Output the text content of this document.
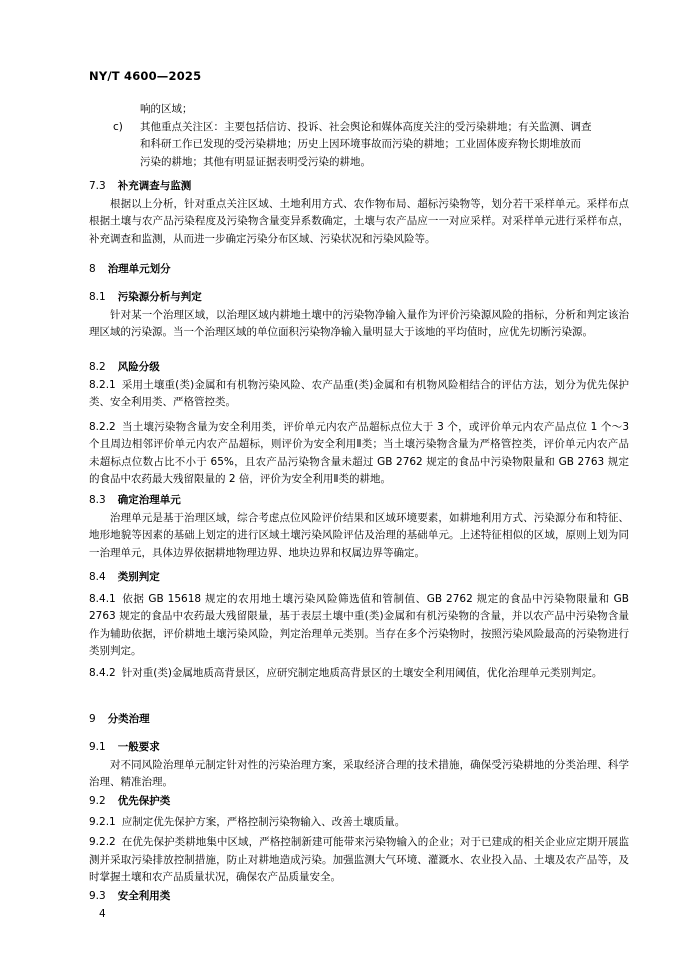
NY/T 4600—2025

响的区域；

c) 其他重点关注区：主要包括信访、投诉、社会舆论和媒体高度关注的受污染耕地；有关监测、调查
和科研工作已发现的受污染耕地；历史上因环境事故而污染的耕地；工业固体废弃物长期堆放而
污染的耕地；其他有明显证据表明受污染的耕地。

7.3 补充调查与监测

根据以上分析，针对重点关注区域、土地利用方式、农作物布局、超标污染物等，划分若干采样单元。采样布点根据土壤与农产品污染程度及污染物含量变异系数确定，土壤与农产品应一一对应采样。对采样单元进行采样布点，补充调查和监测，从而进一步确定污染分布区域、污染状况和污染风险等。

8 治理单元划分

8.1 污染源分析与判定

针对某一个治理区域，以治理区域内耕地土壤中的污染物净输入量作为评价污染源风险的指标，分析和判定该治理区域的污染源。当一个治理区域的单位面积污染物净输入量明显大于该地的平均值时，应优先切断污染源。

8.2 风险分级

8.2.1 采用土壤重(类)金属和有机物污染风险、农产品重(类)金属和有机物风险相结合的评估方法，划分为优先保护类、安全利用类、严格管控类。

8.2.2 当土壤污染物含量为安全利用类，评价单元内农产品超标点位大于 3 个，或评价单元内农产品点位 1 个～3 个且周边相邻评价单元内农产品超标，则评价为安全利用Ⅱ类；当土壤污染物含量为严格管控类，评价单元内农产品未超标点位数占比不小于 65%，且农产品污染物含量未超过 GB 2762 规定的食品中污染物限量和 GB 2763 规定的食品中农药最大残留限量的 2 倍，评价为安全利用Ⅱ类的耕地。

8.3 确定治理单元

治理单元是基于治理区域，综合考虑点位风险评价结果和区域环境要素，如耕地利用方式、污染源分布和特征、地形地貌等因素的基础上划定的进行区域土壤污染风险评估及治理的基础单元。上述特征相似的区域，原则上划为同一治理单元，具体边界依据耕地物理边界、地块边界和权属边界等确定。

8.4 类别判定

8.4.1 依据 GB 15618 规定的农用地土壤污染风险筛选值和管制值、GB 2762 规定的食品中污染物限量和 GB 2763 规定的食品中农药最大残留限量，基于表层土壤中重(类)金属和有机污染物的含量，并以农产品中污染物含量作为辅助依据，评价耕地土壤污染风险，判定治理单元类别。当存在多个污染物时，按照污染风险最高的污染物进行类别判定。

8.4.2 针对重(类)金属地质高背景区，应研究制定地质高背景区的土壤安全利用阈值，优化治理单元类别判定。

9 分类治理

9.1 一般要求

对不同风险治理单元制定针对性的污染治理方案，采取经济合理的技术措施，确保受污染耕地的分类治理、科学治理、精准治理。

9.2 优先保护类

9.2.1 应制定优先保护方案，严格控制污染物输入、改善土壤质量。

9.2.2 在优先保护类耕地集中区域，严格控制新建可能带来污染物输入的企业；对于已建成的相关企业应定期开展监测并采取污染排放控制措施，防止对耕地造成污染。加强监测大气环境、灌溉水、农业投入品、土壤及农产品等，及时掌握土壤和农产品质量状况，确保农产品质量安全。

9.3 安全利用类

4
